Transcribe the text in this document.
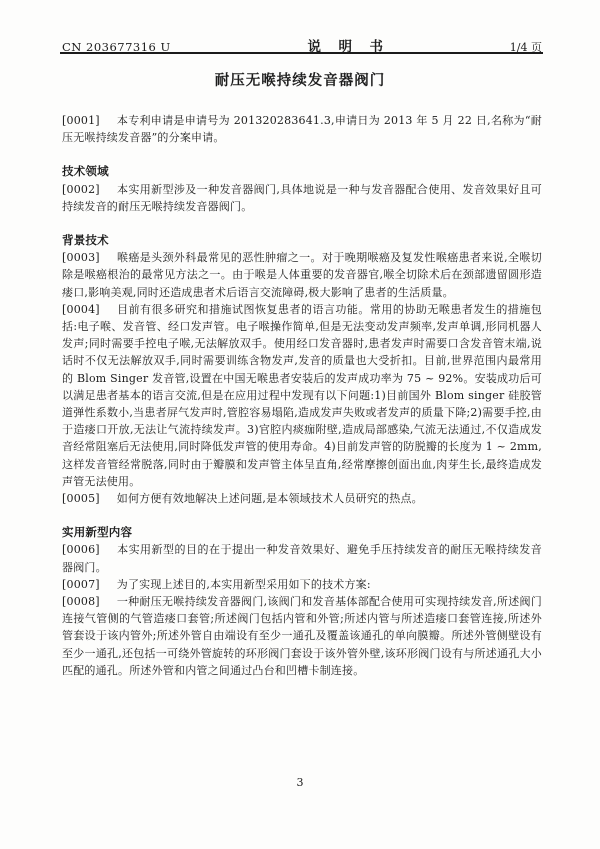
CN 203677316 U	说　明　书	1/4 页
耐压无喉持续发音器阀门
[0001] 本专利申请是申请号为 201320283641.3,申请日为 2013 年 5 月 22 日,名称为“耐压无喉持续发音器”的分案申请。
技术领域
[0002] 本实用新型涉及一种发音器阀门,具体地说是一种与发音器配合使用、发音效果好且可持续发音的耐压无喉持续发音器阀门。
背景技术
[0003] 喉癌是头颈外科最常见的恶性肿瘤之一。对于晚期喉癌及复发性喉癌患者来说,全喉切除是喉癌根治的最常见方法之一。由于喉是人体重要的发音器官,喉全切除术后在颈部遗留圆形造瘘口,影响美观,同时还造成患者术后语言交流障碍,极大影响了患者的生活质量。
[0004] 目前有很多研究和措施试图恢复患者的语言功能。常用的协助无喉患者发生的措施包括:电子喉、发音管、经口发声管。电子喉操作简单,但是无法变动发声频率,发声单调,形同机器人发声;同时需要手控电子喉,无法解放双手。使用经口发音器时,患者发声时需要口含发音管末端,说话时不仅无法解放双手,同时需要训练含物发声,发音的质量也大受折扣。目前,世界范围内最常用的 Blom Singer 发音管,设置在中国无喉患者安装后的发声成功率为 75 ~ 92%。安装成功后可以满足患者基本的语言交流,但是在应用过程中发现有以下问题:1)目前国外 Blom singer 硅胶管道弹性系数小,当患者屏气发声时,管腔容易塌陷,造成发声失败或者发声的质量下降;2)需要手控,由于造瘘口开放,无法让气流持续发声。3)官腔内痰痂附壁,造成局部感染,气流无法通过,不仅造成发音经常阻塞后无法使用,同时降低发声管的使用寿命。4)目前发声管的防脱瓣的长度为 1 ~ 2mm,这样发音管经常脱落,同时由于瓣膜和发声管主体呈直角,经常摩擦创面出血,肉芽生长,最终造成发声管无法使用。
[0005] 如何方便有效地解决上述问题,是本领域技术人员研究的热点。
实用新型内容
[0006] 本实用新型的目的在于提出一种发音效果好、避免手压持续发音的耐压无喉持续发音器阀门。
[0007] 为了实现上述目的,本实用新型采用如下的技术方案:
[0008] 一种耐压无喉持续发音器阀门,该阀门和发音基体部配合使用可实现持续发音,所述阀门连接气管侧的气管造瘘口套管;所述阀门包括内管和外管;所述内管与所述造瘘口套管连接,所述外管套设于该内管外;所述外管自由端设有至少一通孔及覆盖该通孔的单向膜瓣。所述外管侧壁设有至少一通孔,还包括一可绕外管旋转的环形阀门套设于该外管外壁,该环形阀门设有与所述通孔大小匹配的通孔。所述外管和内管之间通过凸台和凹槽卡制连接。
3
